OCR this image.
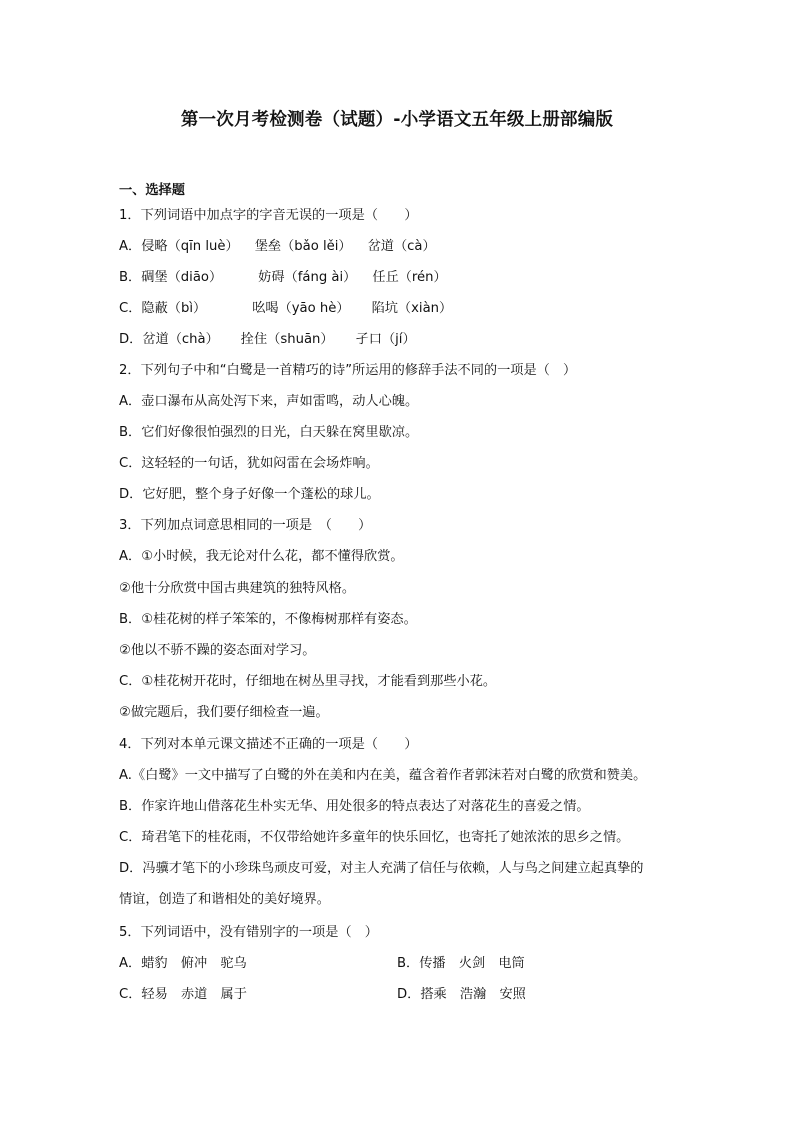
第一次月考检测卷（试题）-小学语文五年级上册部编版
一、选择题
1．下列词语中加点字的字音无误的一项是（　　）
A．侵略（qīn luè） 堡垒（bǎo lěi） 岔道（cà）
B．碉堡（diāo）	妨碍（fáng ài） 任丘（rén）
C．隐蔽（bì）	吆喝（yāo hè） 陷坑（xiàn）
D．岔道（chà） 拴住（shuān） 孑口（jí）
2．下列句子中和“白鹭是一首精巧的诗”所运用的修辞手法不同的一项是（　）
A．壶口瀑布从高处泻下来，声如雷鸣，动人心魄。
B．它们好像很怕强烈的日光，白天躲在窝里歇凉。
C．这轻轻的一句话，犹如闷雷在会场炸响。
D．它好肥，整个身子好像一个蓬松的球儿。
3．下列加点词意思相同的一项是　（　　）
A．①小时候，我无论对什么花，都不懂得欣赏。
②他十分欣赏中国古典建筑的独特风格。
B．①桂花树的样子笨笨的，不像梅树那样有姿态。
②他以不骄不躁的姿态面对学习。
C．①桂花树开花时，仔细地在树丛里寻找，才能看到那些小花。
②做完题后，我们要仔细检查一遍。
4．下列对本单元课文描述不正确的一项是（　　）
A.《白鹭》一文中描写了白鹭的外在美和内在美，蕴含着作者郭沫若对白鹭的欣赏和赞美。
B．作家许地山借落花生朴实无华、用处很多的特点表达了对落花生的喜爱之情。
C．琦君笔下的桂花雨，不仅带给她许多童年的快乐回忆，也寄托了她浓浓的思乡之情。
D．冯骥才笔下的小珍珠鸟顽皮可爱，对主人充满了信任与依赖，人与鸟之间建立起真挚的
情谊，创造了和谐相处的美好境界。
5．下列词语中，没有错别字的一项是（　）
A．蜡豹　俯冲　驼乌	B．传播　火剑　电筒
C．轻易　赤道　属于	D．搭乘　浩瀚　安照
